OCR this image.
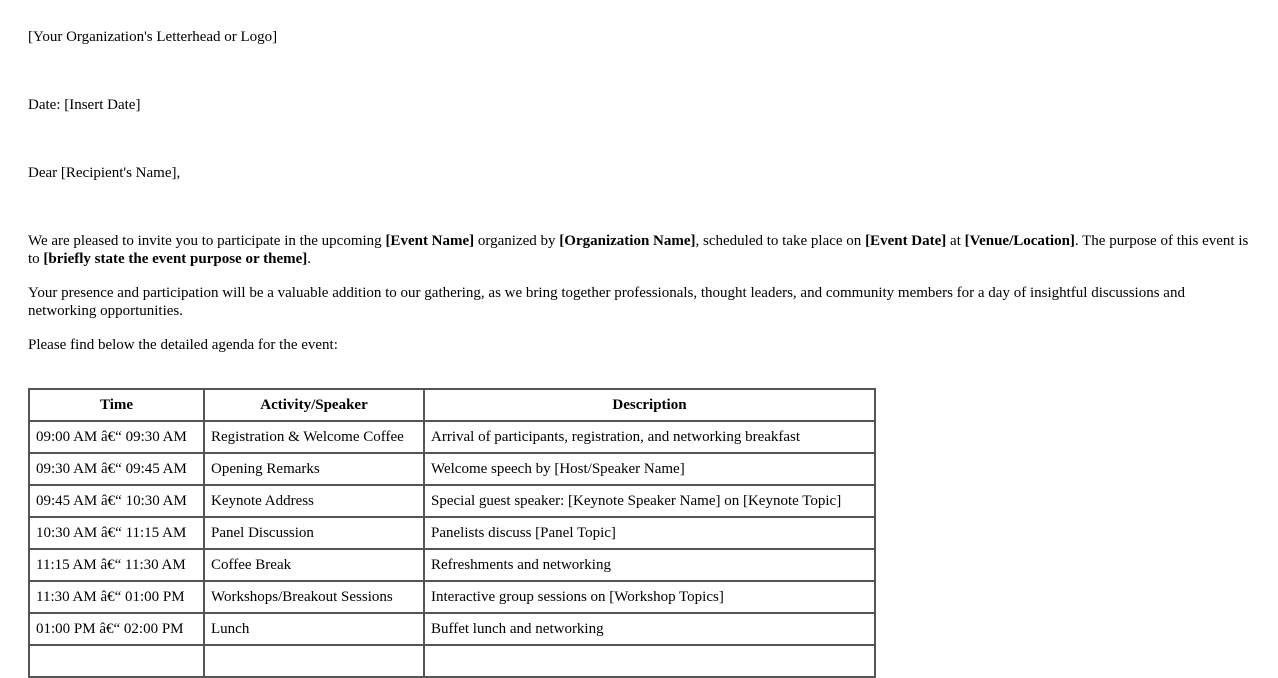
[Your Organization's Letterhead or Logo]

Date: [Insert Date]

Dear [Recipient's Name],

We are pleased to invite you to participate in the upcoming [Event Name] organized by [Organization Name], scheduled to take place on [Event Date] at [Venue/Location]. The purpose of this event is to [briefly state the event purpose or theme].

Your presence and participation will be a valuable addition to our gathering, as we bring together professionals, thought leaders, and community members for a day of insightful discussions and networking opportunities.

Please find below the detailed agenda for the event:

Time	Activity/Speaker	Description
09:00 AM â€“ 09:30 AM	Registration & Welcome Coffee	Arrival of participants, registration, and networking breakfast
09:30 AM â€“ 09:45 AM	Opening Remarks	Welcome speech by [Host/Speaker Name]
09:45 AM â€“ 10:30 AM	Keynote Address	Special guest speaker: [Keynote Speaker Name] on [Keynote Topic]
10:30 AM â€“ 11:15 AM	Panel Discussion	Panelists discuss [Panel Topic]
11:15 AM â€“ 11:30 AM	Coffee Break	Refreshments and networking
11:30 AM â€“ 01:00 PM	Workshops/Breakout Sessions	Interactive group sessions on [Workshop Topics]
01:00 PM â€“ 02:00 PM	Lunch	Buffet lunch and networking
